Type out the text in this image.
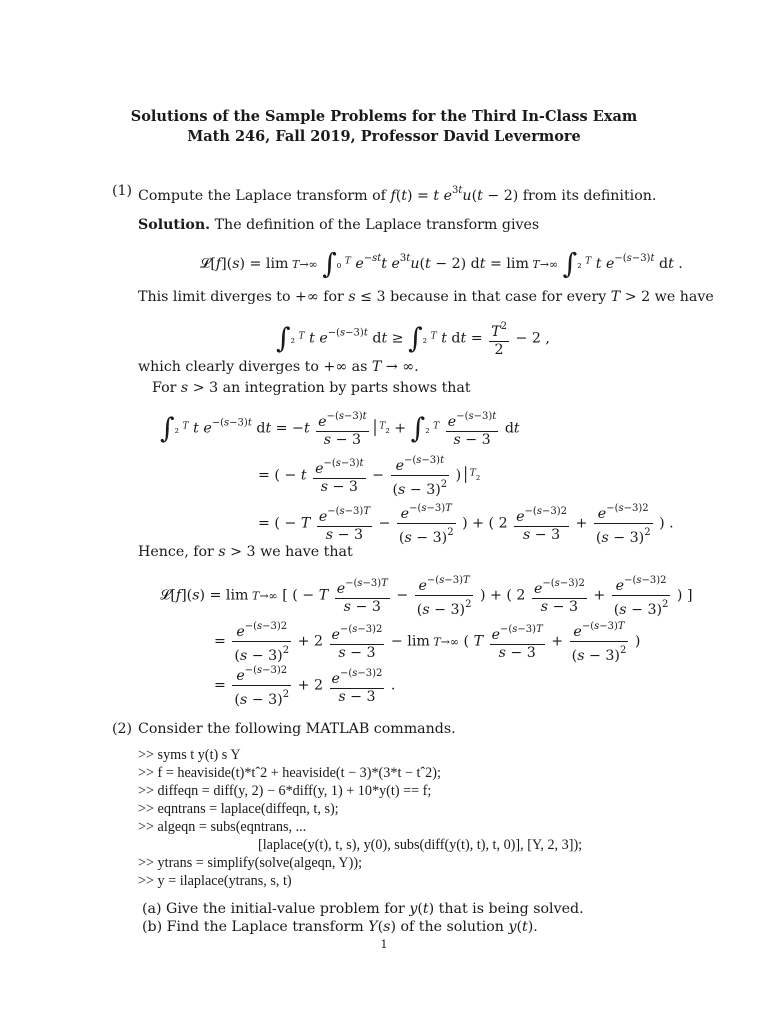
Solutions of the Sample Problems for the Third In-Class Exam
Math 246, Fall 2019, Professor David Levermore
(1) Compute the Laplace transform of f(t) = t $e^{3t}u(t - 2)$ from its definition.
Solution. The definition of the Laplace transform gives
𝓛[f](s) = lim T→∞ ∫₀ $^T$ $e^{-st}t$ $e^{3t}u(t - 2)$ dt = lim T→∞ ∫₂ $^T$ t $e^{-(s-3)t}$ dt .
This limit diverges to +∞ for s ≤ 3 because in that case for every T > 2 we have
∫₂ $^T$ t $e^{-(s-3)t}$ dt ≥ ∫₂ $^T$ t dt = $\frac{T^2}{2} - 2$ ,
which clearly diverges to +∞ as T → ∞.
For s > 3 an integration by parts shows that
∫₂ $^T$ t $e^{-(s-3)t}$ dt = $-t \frac{e^{-(s-3)t}}{s - 3}$ │$^T$₂ + ∫₂ $^T \frac{e^{-(s-3)t}}{s - 3}$ dt
= ( − t $\frac{e^{-(s-3)t}}{s - 3} - \frac{e^{-(s-3)t}}{(s - 3)^2}$ )│$^T$₂
= ( − T $\frac{e^{-(s-3)T}}{s - 3} - \frac{e^{-(s-3)T}}{(s - 3)^2}$ ) + ( $2 \frac{e^{-(s-3)2}}{s - 3} + \frac{e^{-(s-3)2}}{(s - 3)^2}$ ) .
Hence, for s > 3 we have that
𝓛[f](s) = lim T→∞ [ ( − T $\frac{e^{-(s-3)T}}{s - 3} - \frac{e^{-(s-3)T}}{(s - 3)^2}$ ) + ( $2 \frac{e^{-(s-3)2}}{s - 3} + \frac{e^{-(s-3)2}}{(s - 3)^2}$ ) ]
= $\frac{e^{-(s-3)2}}{(s - 3)^2} + 2 \frac{e^{-(s-3)2}}{s - 3} - \lim T\to\infty$ ( T $\frac{e^{-(s-3)T}}{s - 3} + \frac{e^{-(s-3)T}}{(s - 3)^2}$ )
= $\frac{e^{-(s-3)2}}{(s - 3)^2} + 2 \frac{e^{-(s-3)2}}{s - 3}$ .
(2) Consider the following MATLAB commands.
>> syms t y(t) s Y
>> f = heaviside(t)*tˆ2 + heaviside(t − 3)*(3*t − tˆ2);
>> diffeqn = diff(y, 2) − 6*diff(y, 1) + 10*y(t) == f;
>> eqntrans = laplace(diffeqn, t, s);
>> algeqn = subs(eqntrans, ...
[laplace(y(t), t, s), y(0), subs(diff(y(t), t), t, 0)], [Y, 2, 3]);
>> ytrans = simplify(solve(algeqn, Y));
>> y = ilaplace(ytrans, s, t)
(a) Give the initial-value problem for y(t) that is being solved.
(b) Find the Laplace transform Y(s) of the solution y(t).
1
